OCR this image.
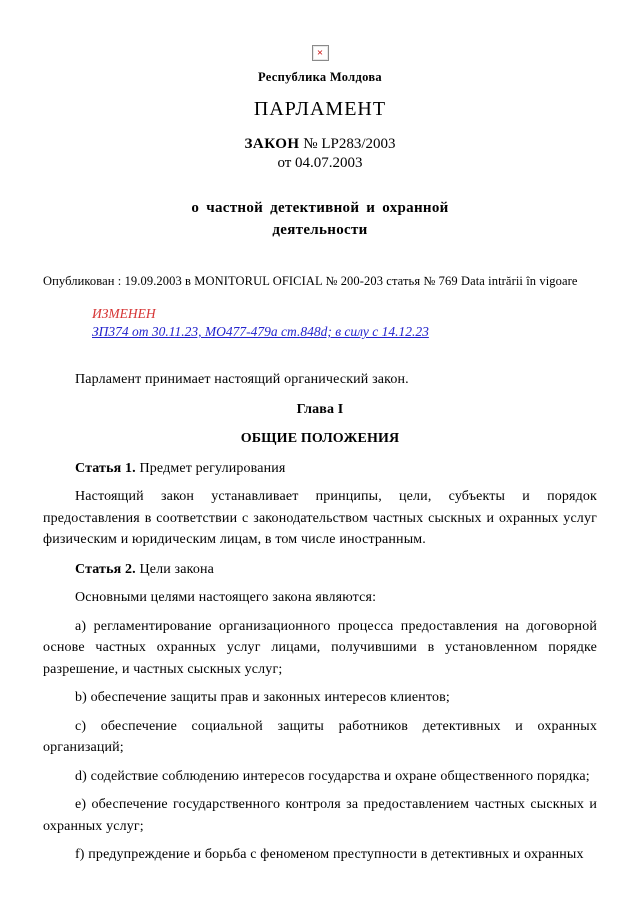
×
Республика Молдова
ПАРЛАМЕНТ
ЗАКОН № LP283/2003
от 04.07.2003
о частной детективной и охранной
деятельности
Опубликован : 19.09.2003 в MONITORUL OFICIAL № 200-203 статья № 769 Data intrării în vigoare
ИЗМЕНЕН
ЗП374 от 30.11.23, МО477-479а ст.848d; в силу с 14.12.23
Парламент принимает настоящий органический закон.
Глава I
ОБЩИЕ ПОЛОЖЕНИЯ
Статья 1. Предмет регулирования
Настоящий закон устанавливает принципы, цели, субъекты и порядок предоставления в соответствии с законодательством частных сыскных и охранных услуг физическим и юридическим лицам, в том числе иностранным.
Статья 2. Цели закона
Основными целями настоящего закона являются:
a) регламентирование организационного процесса предоставления на договорной основе частных охранных услуг лицами, получившими в установленном порядке разрешение, и частных сыскных услуг;
b) обеспечение защиты прав и законных интересов клиентов;
c) обеспечение социальной защиты работников детективных и охранных организаций;
d) содействие соблюдению интересов государства и охране общественного порядка;
e) обеспечение государственного контроля за предоставлением частных сыскных и охранных услуг;
f) предупреждение и борьба с феноменом преступности в детективных и охранных
